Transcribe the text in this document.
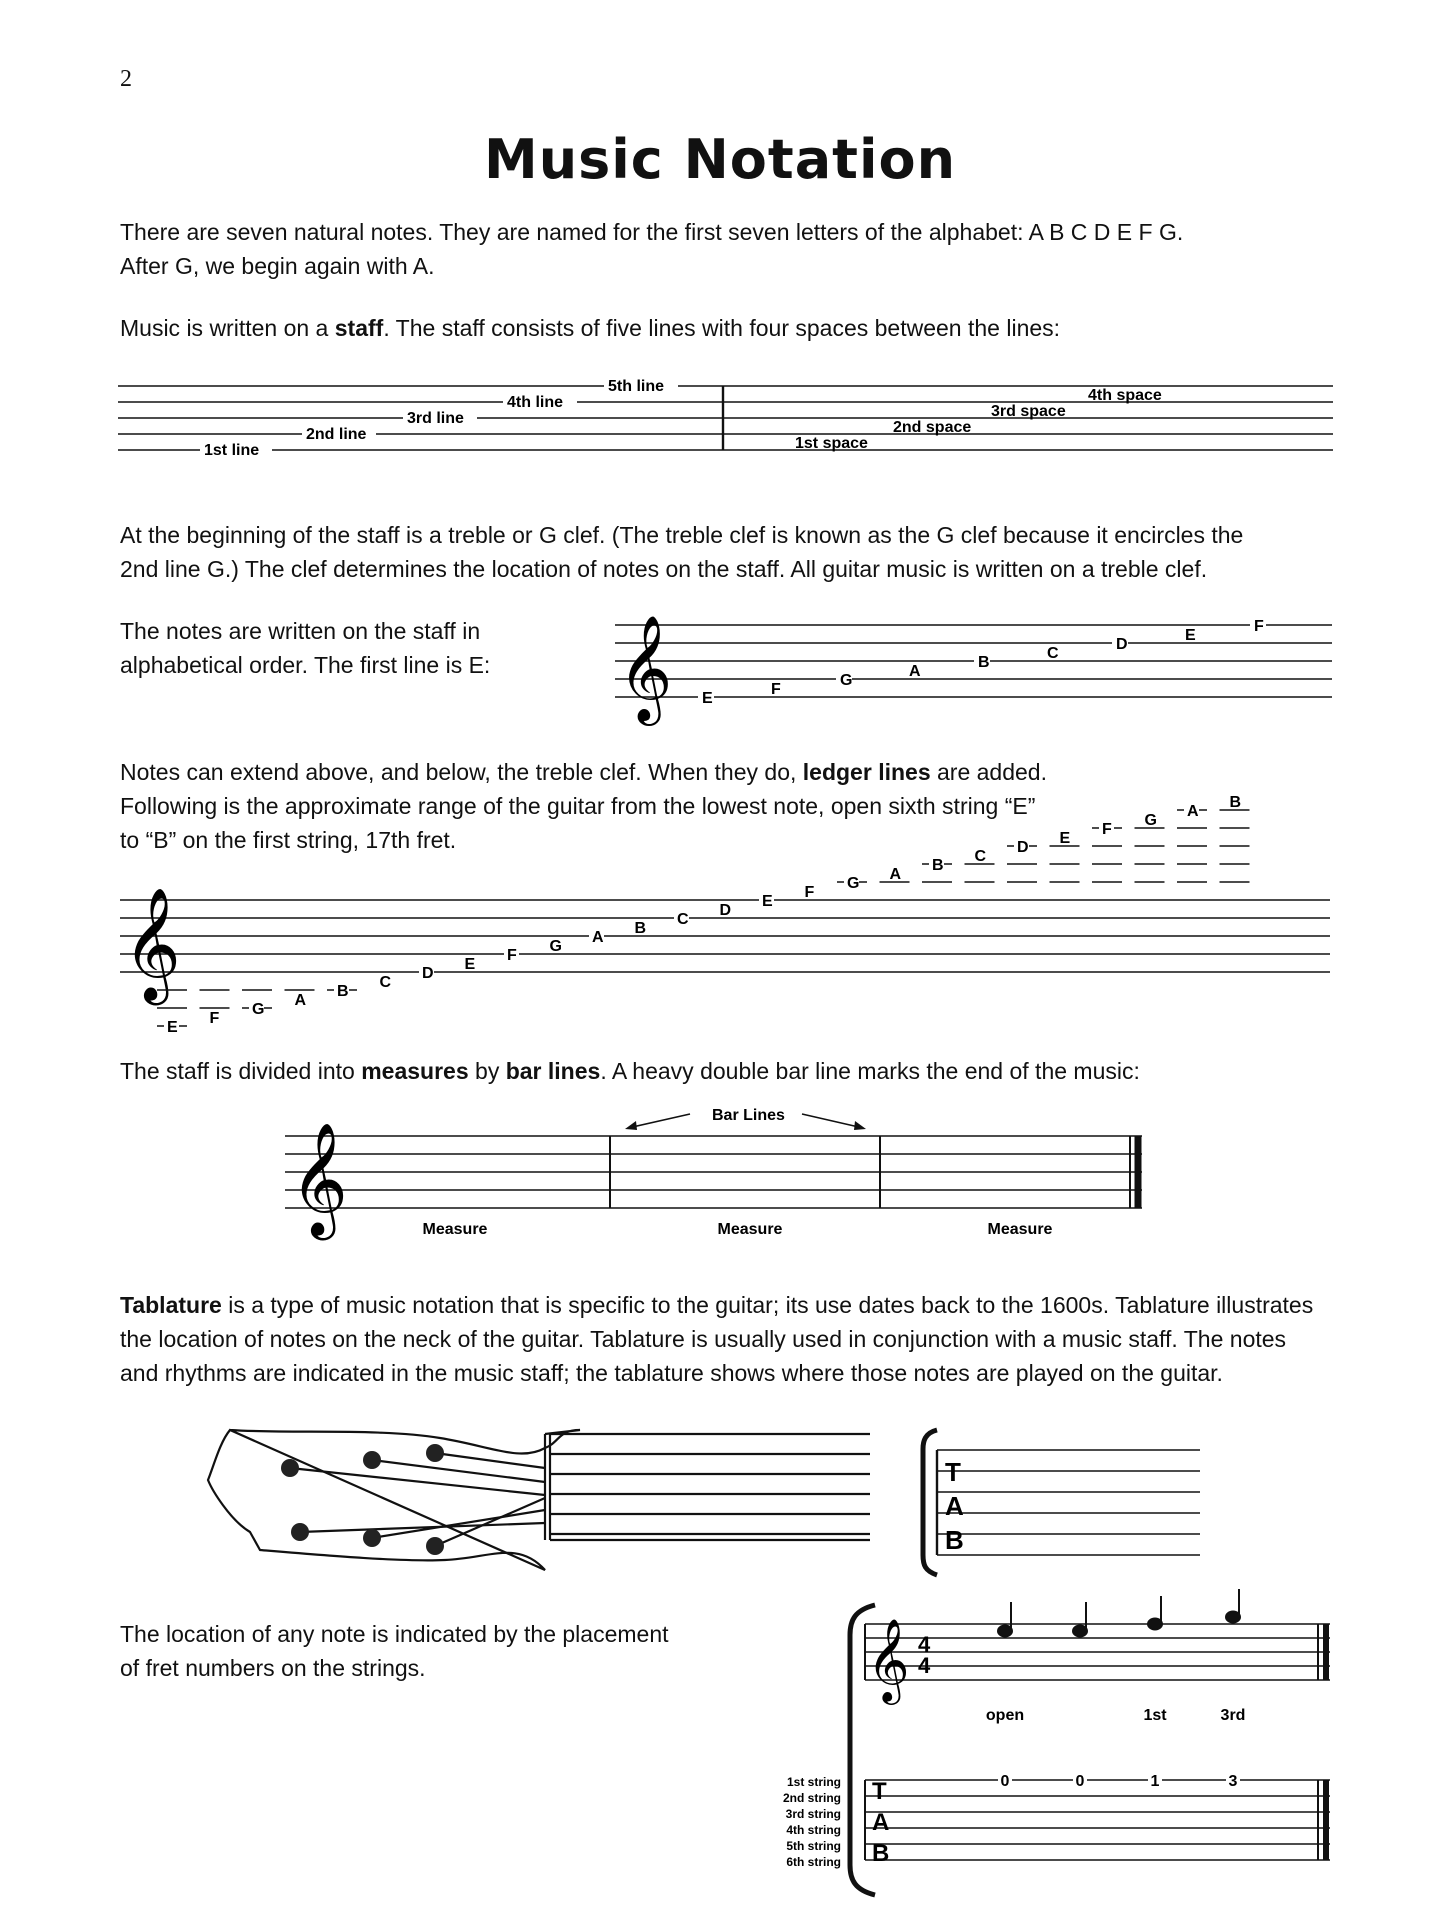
2
Music Notation
There are seven natural notes. They are named for the first seven letters of the alphabet: A B C D E F G.
After G, we begin again with A.
Music is written on a staff. The staff consists of five lines with four spaces between the lines:
1st line
2nd line
3rd line
4th line
5th line
1st space
2nd space
3rd space
4th space
At the beginning of the staff is a treble or G clef. (The treble clef is known as the G clef because it encircles the
2nd line G.) The clef determines the location of notes on the staff. All guitar music is written on a treble clef.
The notes are written on the staff in
alphabetical order. The first line is E:	𝄞 E
F
G
A
B
C
D
E
F
Notes can extend above, and below, the treble clef. When they do, ledger lines are added.
Following is the approximate range of the guitar from the lowest note, open sixth string “E”
to “B” on the first string, 17th fret.
𝄞
E
F
G
A
B
C
D
E
F
G
A
B
C
D
E
F
G
A
B
C
D
E
F
G
A
B
The staff is divided into measures by bar lines. A heavy double bar line marks the end of the music:
𝄞
Bar Lines
Measure	Measure	Measure
Tablature is a type of music notation that is specific to the guitar; its use dates back to the 1600s. Tablature illustrates
the location of notes on the neck of the guitar. Tablature is usually used in conjunction with a music staff. The notes
and rhythms are indicated in the music staff; the tablature shows where those notes are played on the guitar.
T
A
B
The location of any note is indicated by the placement
of fret numbers on the strings.	𝄞 4
4
open	1st	3rd
1st string
2nd string
3rd string
4th string
5th string
6th string
T
A
B
0	0	1	3
